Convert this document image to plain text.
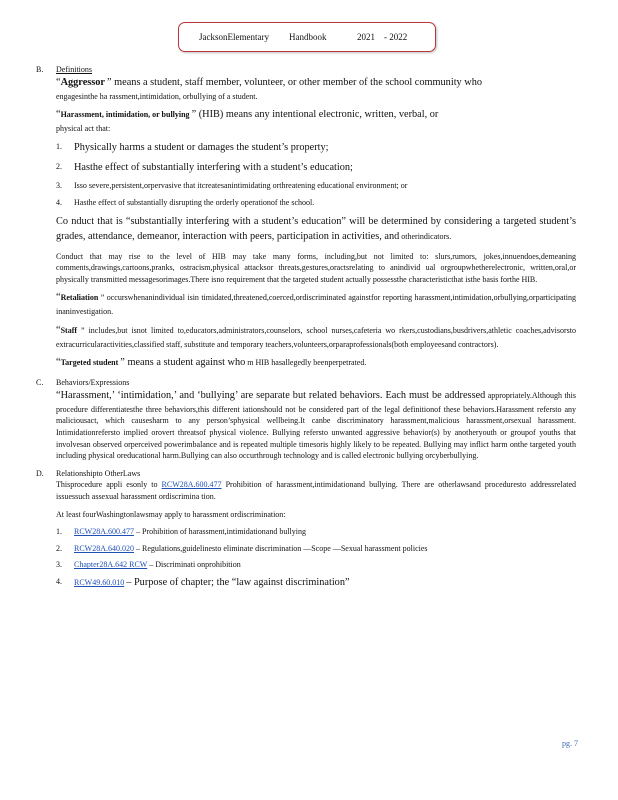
JacksonElementary Handbook	2021 - 2022
B.	Definitions

“Aggressor ” means a student, staff member, volunteer, or other member of the school community who
engagesinthe ha rassment,intimidation, orbullying of a student.

“Harassment, intimidation, or bullying ” (HIB) means any intentional electronic, written, verbal, or
physical act that:

1.	Physically harms a student or damages the student’s property;
2.	Hasthe effect of substantially interfering with a student’s education;
3.	Isso severe,persistent,orpervasive that itcreatesanintimidating orthreatening educational environment; or
4.	Hasthe effect of substantially disrupting the orderly operationof the school.

Co nduct that is “substantially interfering with a student’s education” will be determined by considering a targeted student’s grades, attendance, demeanor, interaction with peers, participation in activities, and otherindicators.

Conduct that may rise to the level of HIB may take many forms, including,but not limited to: slurs,rumors, jokes,innuendoes,demeaning comments,drawings,cartoons,pranks, ostracism,physical attacksor threats,gestures,oractsrelating to anindivid ual orgroupwhetherelectronic, written,oral,or physically transmitted messagesorimages.There isno requirement that the targeted student actually possessthe characteristicthat isthe basis forthe HIB.

“Retaliation ” occurswhenanindividual isin timidated,threatened,coerced,ordiscriminated againstfor reporting harassment,intimidation,orbullying,orparticipating inaninvestigation.

“Staff ” includes,but isnot limited to,educators,administrators,counselors, school nurses,cafeteria wo rkers,custodians,busdrivers,athletic coaches,advisorsto extracurricularactivities,classified staff, substitute and temporary teachers,volunteers,orparaprofessionals(both employeesand contractors).

“Targeted student ” means a student against who m HIB hasallegedly beenperpetrated.

C.	Behaviors/Expressions

“Harassment,’ ‘intimidation,’ and ‘bullying’ are separate but related behaviors. Each must be addressed appropriately.Although this procedure differentiatesthe three behaviors,this different iationshould not be considered part of the legal definitionof these behaviors.Harassment refersto any maliciousact, which causesharm to any person’sphysical wellbeing.It canbe discriminatory harassment,malicious harassment,orsexual harassment. Intimidationrefersto implied orovert threatsof physical violence. Bullying refersto unwanted aggressive behavior(s) by anotheryouth or groupof youths that involvesan observed orperceived powerimbalance and is repeated multiple timesoris highly likely to be repeated. Bullying may inflict harm onthe targeted youth including physical oreducational harm.Bullying can also occurthrough technology and is called electronic bullying orcyberbullying.

D.	Relationshipto OtherLaws

Thisprocedure appli esonly to RCW28A.600.477 Prohibition of harassment,intimidationand bullying. There are otherlawsand proceduresto addressrelated issuessuch assexual harassment ordiscrimina tion.

At least fourWashingtonlawsmay apply to harassment ordiscrimination:

1.	RCW28A.600.477 – Prohibition of harassment,intimidationand bullying
2.	RCW28A.640.020 – Regulations,guidelinesto eliminate discrimination —Scope —Sexual harassment policies
3.	Chapter28A.642 RCW – Discriminati onprohibition
4.	RCW49.60.010 – Purpose of chapter; the “law against discrimination”
pg. 7
